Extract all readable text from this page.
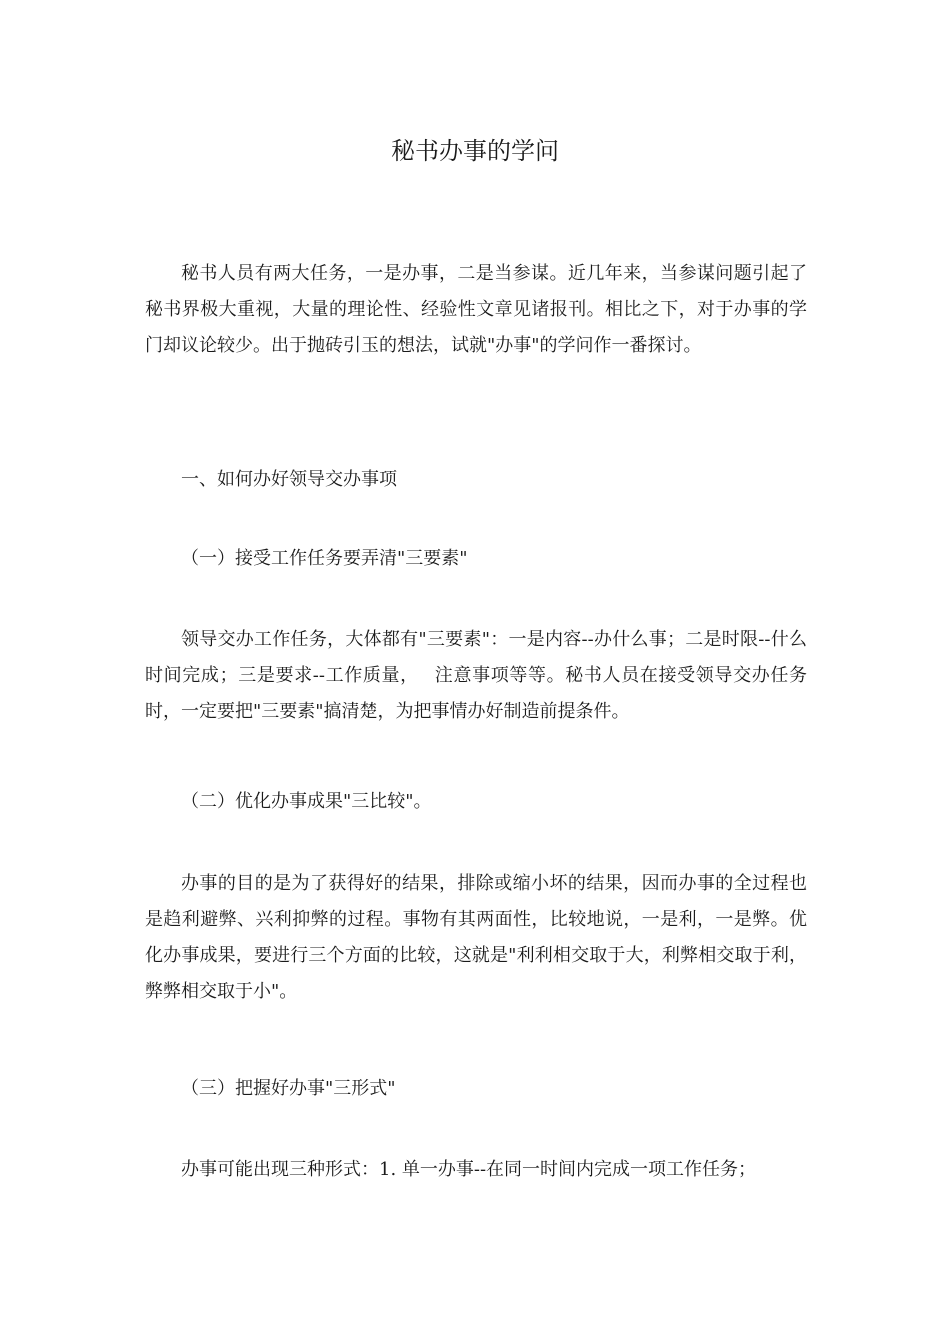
秘书办事的学问

秘书人员有两大任务，一是办事，二是当参谋。近几年来，当参谋问题引起了秘书界极大重视，大量的理论性、经验性文章见诸报刊。相比之下，对于办事的学门却议论较少。出于抛砖引玉的想法，试就"办事"的学问作一番探讨。

一、如何办好领导交办事项

（一）接受工作任务要弄清"三要素"

领导交办工作任务，大体都有"三要素"：一是内容--办什么事；二是时限--什么时间完成；三是要求--工作质量，　 注意事项等等。秘书人员在接受领导交办任务时，一定要把"三要素"搞清楚，为把事情办好制造前提条件。

（二）优化办事成果"三比较"。

办事的目的是为了获得好的结果，排除或缩小坏的结果，因而办事的全过程也是趋利避弊、兴利抑弊的过程。事物有其两面性，比较地说，一是利，一是弊。优化办事成果，要进行三个方面的比较，这就是"利利相交取于大，利弊相交取于利，弊弊相交取于小"。

（三）把握好办事"三形式"

办事可能出现三种形式：1. 单一办事--在同一时间内完成一项工作任务；
